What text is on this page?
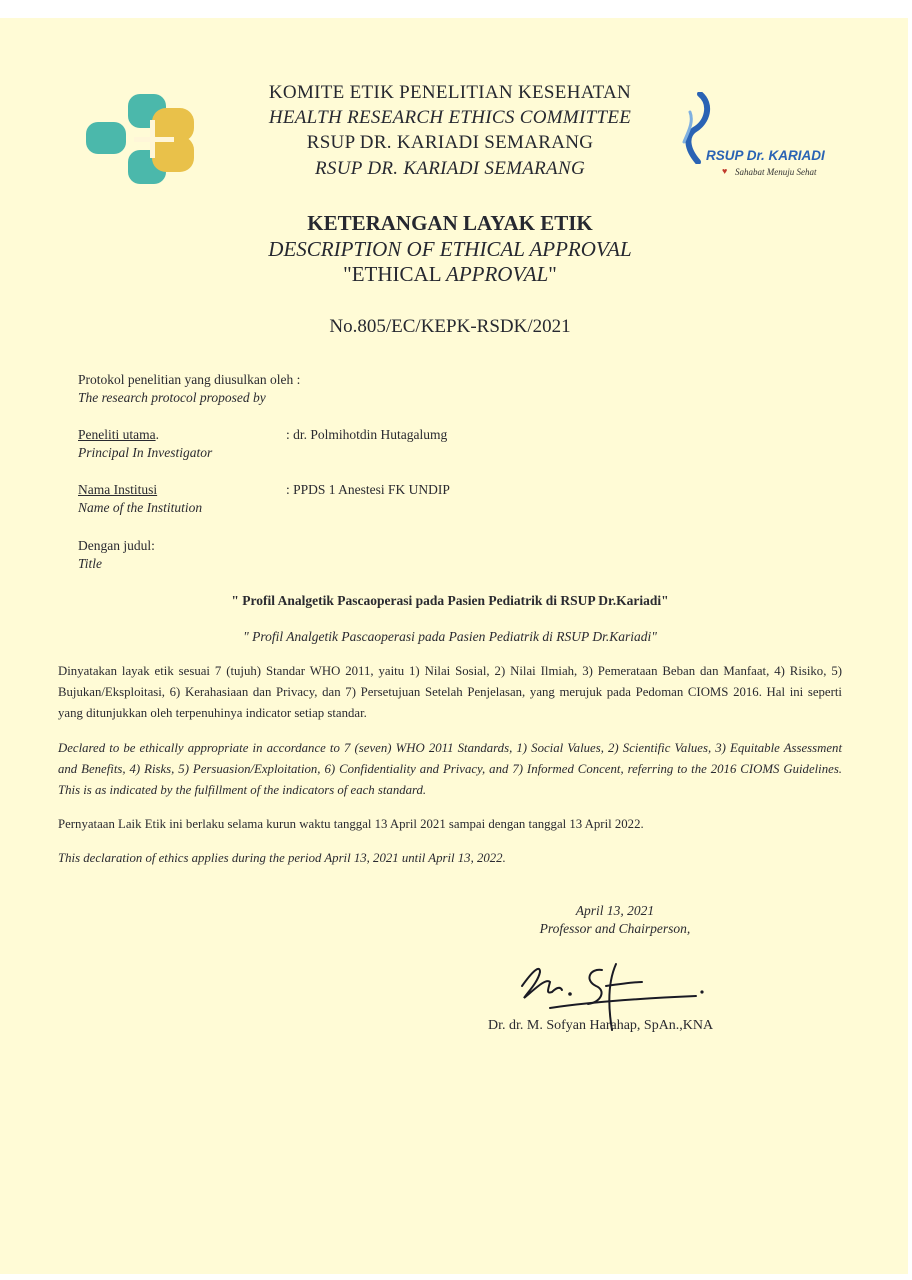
KOMITE ETIK PENELITIAN KESEHATAN
HEALTH RESEARCH ETHICS COMMITTEE
RSUP DR. KARIADI SEMARANG
RSUP DR. KARIADI SEMARANG
RSUP Dr. KARIADI
♥ Sahabat Menuju Sehat
KETERANGAN LAYAK ETIK
DESCRIPTION OF ETHICAL APPROVAL
"ETHICAL APPROVAL"
No.805/EC/KEPK-RSDK/2021
Protokol penelitian yang diusulkan oleh :
The research protocol proposed by
Peneliti utama.
Principal In Investigator
: dr. Polmihotdin Hutagalumg
Nama Institusi
Name of the Institution
: PPDS 1 Anestesi FK UNDIP
Dengan judul:
Title
" Profil Analgetik Pascaoperasi pada Pasien Pediatrik di RSUP Dr.Kariadi"
" Profil Analgetik Pascaoperasi pada Pasien Pediatrik di RSUP Dr.Kariadi"
Dinyatakan layak etik sesuai 7 (tujuh) Standar WHO 2011, yaitu 1) Nilai Sosial, 2) Nilai Ilmiah, 3) Pemerataan Beban dan Manfaat, 4) Risiko, 5) Bujukan/Eksploitasi, 6) Kerahasiaan dan Privacy, dan 7) Persetujuan Setelah Penjelasan, yang merujuk pada Pedoman CIOMS 2016. Hal ini seperti yang ditunjukkan oleh terpenuhinya indicator setiap standar.
Declared to be ethically appropriate in accordance to 7 (seven) WHO 2011 Standards, 1) Social Values, 2) Scientific Values, 3) Equitable Assessment and Benefits, 4) Risks, 5) Persuasion/Exploitation, 6) Confidentiality and Privacy, and 7) Informed Concent, referring to the 2016 CIOMS Guidelines. This is as indicated by the fulfillment of the indicators of each standard.
Pernyataan Laik Etik ini berlaku selama kurun waktu tanggal 13 April 2021 sampai dengan tanggal 13 April 2022.
This declaration of ethics applies during the period April 13, 2021 until April 13, 2022.
April 13, 2021
Professor and Chairperson,
Dr. dr. M. Sofyan Harahap, SpAn.,KNA
